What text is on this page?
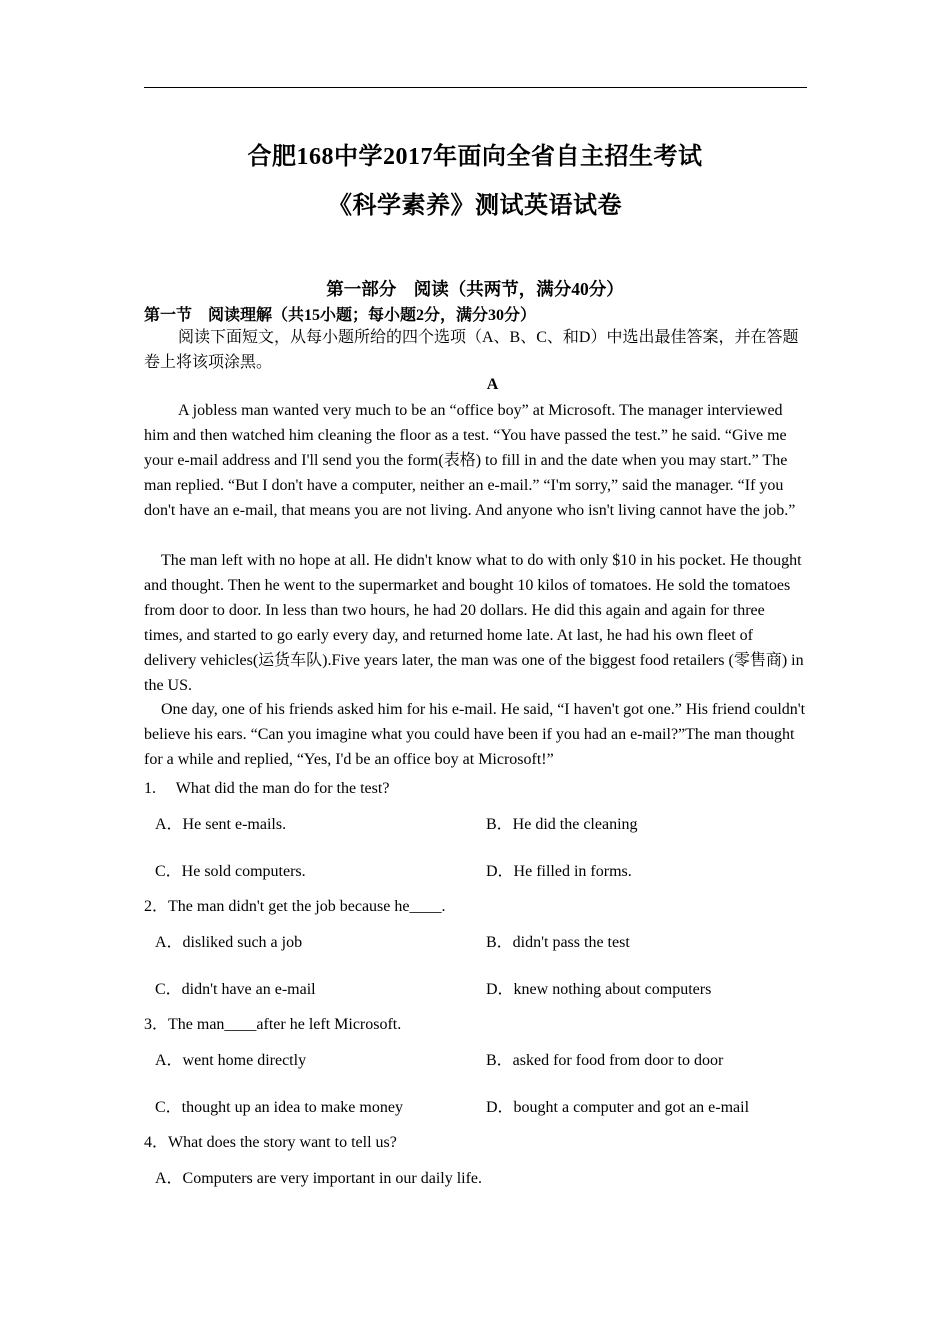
合肥168中学2017年面向全省自主招生考试
《科学素养》测试英语试卷
第一部分　阅读（共两节，满分40分）
第一节　阅读理解（共15小题；每小题2分，满分30分）
阅读下面短文，从每小题所给的四个选项（A、B、C、和D）中选出最佳答案，并在答题卷上将该项涂黑。
A
A jobless man wanted very much to be an “office boy” at Microsoft. The manager interviewed him and then watched him cleaning the floor as a test. “You have passed the test.” he said. “Give me your e-mail address and I'll send you the form(表格) to fill in and the date when you may start.” The man replied. “But I don't have a computer, neither an e-mail.” “I'm sorry,” said the manager. “If you don't have an e-mail, that means you are not living. And anyone who isn't living cannot have the job.”
The man left with no hope at all. He didn't know what to do with only $10 in his pocket. He thought and thought. Then he went to the supermarket and bought 10 kilos of tomatoes. He sold the tomatoes from door to door. In less than two hours, he had 20 dollars. He did this again and again for three times, and started to go early every day, and returned home late. At last, he had his own fleet of delivery vehicles(运货车队).Five years later, the man was one of the biggest food retailers (零售商) in the US.
One day, one of his friends asked him for his e-mail. He said, “I haven't got one.” His friend couldn't believe his ears. “Can you imagine what you could have been if you had an e-mail?”The man thought for a while and replied, “Yes, I'd be an office boy at Microsoft!”
1.　 What did the man do for the test?
A．He sent e-mails.	B．He did the cleaning
C．He sold computers.	D．He filled in forms.
2．The man didn't get the job because he____.
A．disliked such a job	B．didn't pass the test
C．didn't have an e-mail	D．knew nothing about computers
3．The man____after he left Microsoft.
A．went home directly	B．asked for food from door to door
C．thought up an idea to make money	D．bought a computer and got an e-mail
4．What does the story want to tell us?
A．Computers are very important in our daily life.
